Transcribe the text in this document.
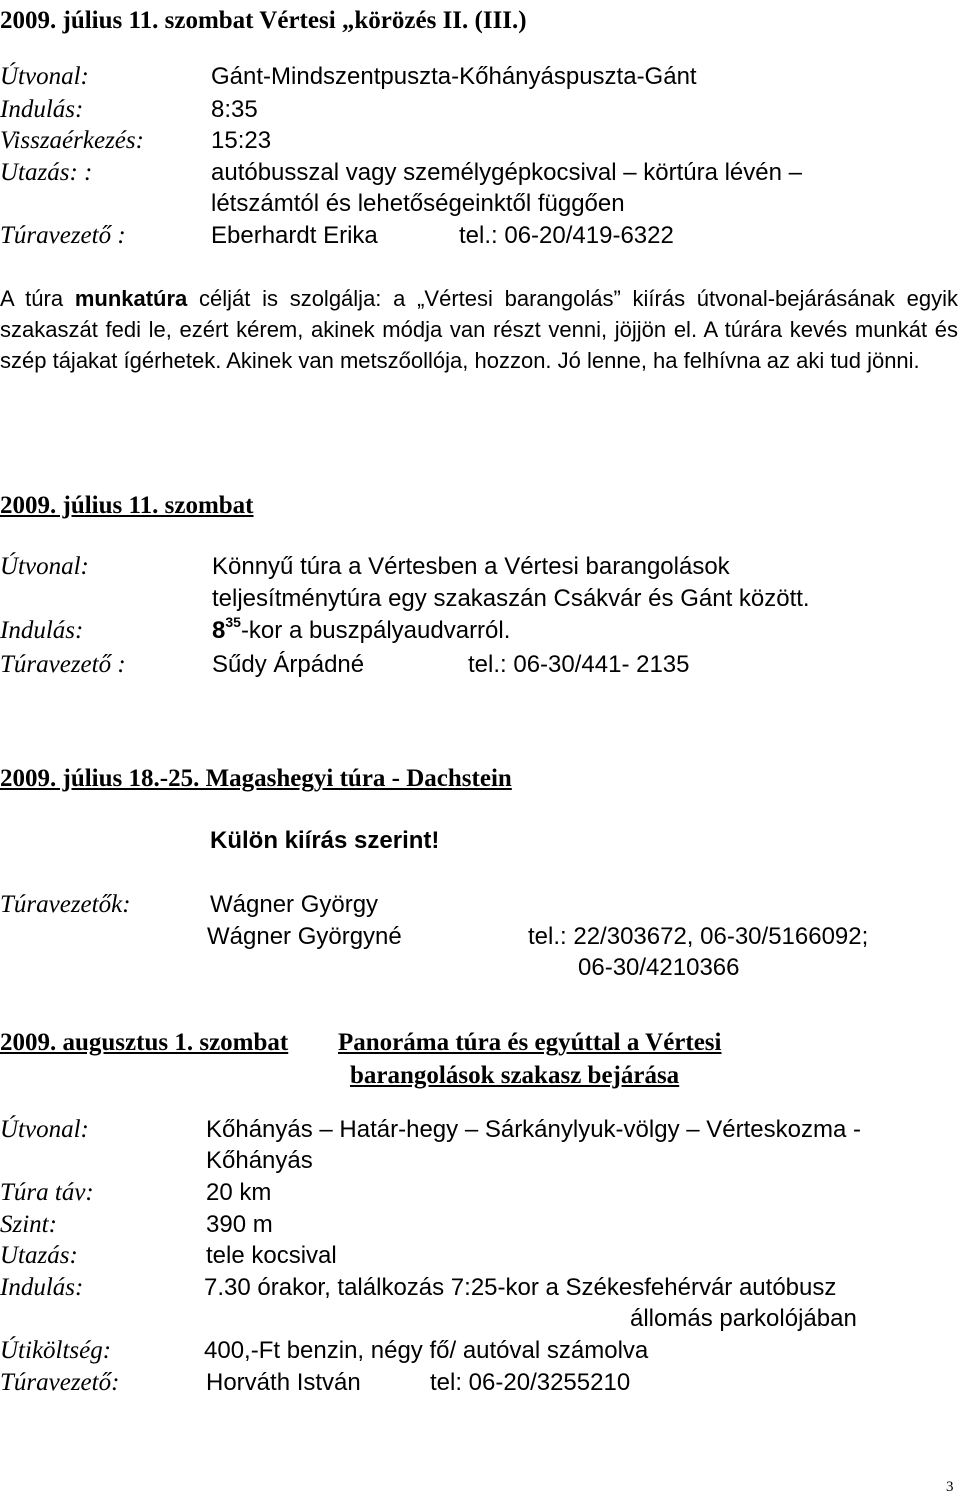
2009. július 11. szombat Vértesi „körözés II. (III.)
Útvonal:	Gánt-Mindszentpuszta-Kőhányáspuszta-Gánt
Indulás:	8:35
Visszaérkezés:	15:23
Utazás: :	autóbusszal vagy személygépkocsival – körtúra lévén –
létszámtól és lehetőségeinktől függően
Túravezető :	Eberhardt Erika	tel.: 06-20/419-6322
A túra munkatúra célját is szolgálja: a „Vértesi barangolás” kiírás útvonal-bejárásának egyik szakaszát fedi le, ezért kérem, akinek módja van részt venni, jöjjön el. A túrára kevés munkát és szép tájakat ígérhetek. Akinek van metszőollója, hozzon. Jó lenne, ha felhívna az aki tud jönni.
2009. július 11. szombat
Útvonal:	Könnyű túra a Vértesben a Vértesi barangolások
teljesítménytúra egy szakaszán Csákvár és Gánt között.
Indulás:	$8^{35}$-kor a buszpályaudvarról.
Túravezető :	Sűdy Árpádné	tel.: 06-30/441- 2135
2009. július 18.-25. Magashegyi túra - Dachstein
Külön kiírás szerint!
Túravezetők:	Wágner György
Wágner Györgyné	tel.: 22/303672, 06-30/5166092;
06-30/4210366
2009. augusztus 1. szombat Panoráma túra és egyúttal a Vértesi
barangolások szakasz bejárása
Útvonal:	Kőhányás – Határ-hegy – Sárkánylyuk-völgy – Vérteskozma -
Kőhányás
Túra táv:	20 km
Szint:	390 m
Utazás:	tele kocsival
Indulás:	7.30 órakor, találkozás 7:25-kor a Székesfehérvár autóbusz
állomás parkolójában
Útiköltség:	400,-Ft benzin, négy fő/ autóval számolva
Túravezető:	Horváth István	tel: 06-20/3255210
3
